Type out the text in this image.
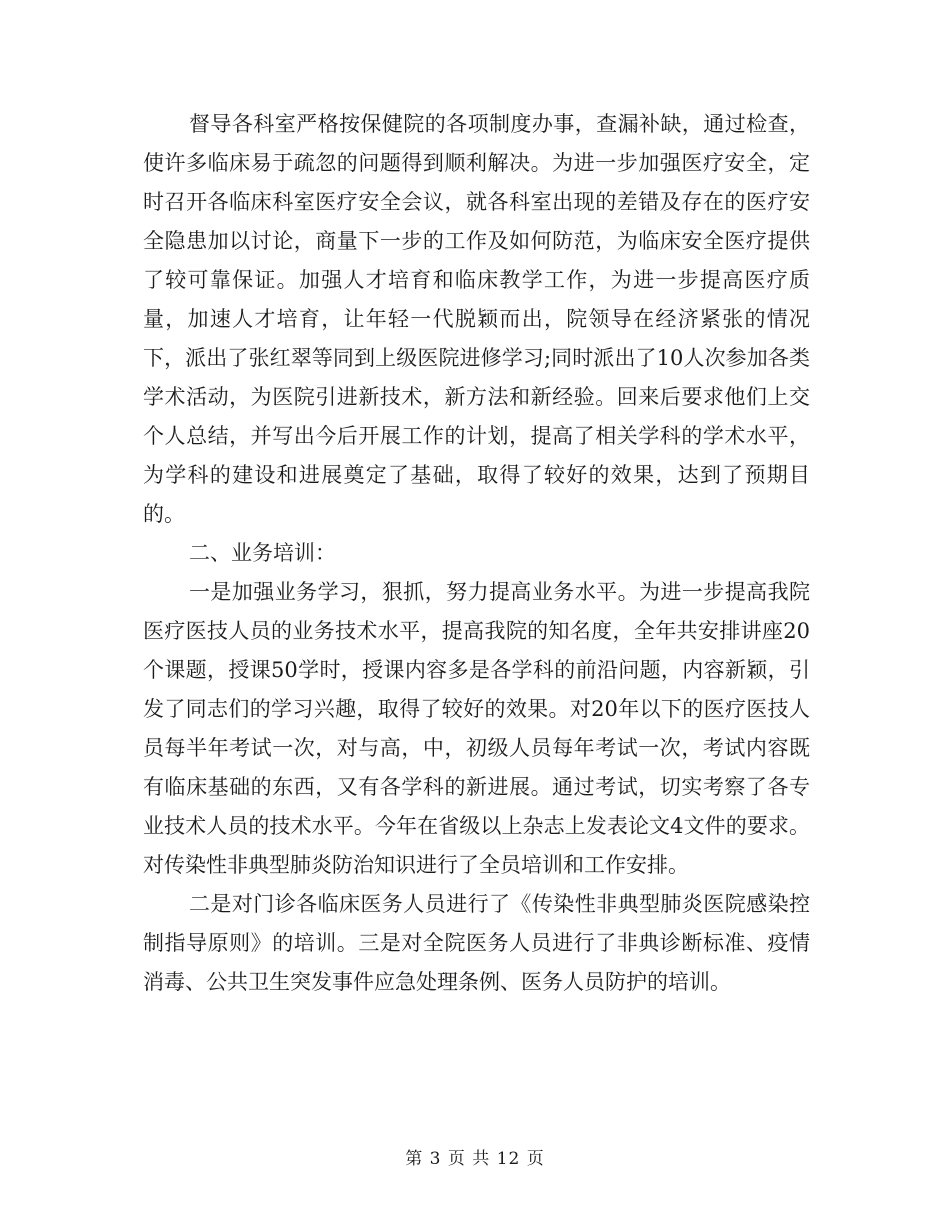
督导各科室严格按保健院的各项制度办事，查漏补缺，通过检查，使许多临床易于疏忽的问题得到顺利解决。为进一步加强医疗安全，定时召开各临床科室医疗安全会议，就各科室出现的差错及存在的医疗安全隐患加以讨论，商量下一步的工作及如何防范，为临床安全医疗提供了较可靠保证。加强人才培育和临床教学工作，为进一步提高医疗质量，加速人才培育，让年轻一代脱颖而出，院领导在经济紧张的情况下，派出了张红翠等同到上级医院进修学习;同时派出了10人次参加各类学术活动，为医院引进新技术，新方法和新经验。回来后要求他们上交个人总结，并写出今后开展工作的计划，提高了相关学科的学术水平，为学科的建设和进展奠定了基础，取得了较好的效果，达到了预期目的。

二、业务培训：

一是加强业务学习，狠抓，努力提高业务水平。为进一步提高我院医疗医技人员的业务技术水平，提高我院的知名度，全年共安排讲座20个课题，授课50学时，授课内容多是各学科的前沿问题，内容新颖，引发了同志们的学习兴趣，取得了较好的效果。对20年以下的医疗医技人员每半年考试一次，对与高，中，初级人员每年考试一次，考试内容既有临床基础的东西，又有各学科的新进展。通过考试，切实考察了各专业技术人员的技术水平。今年在省级以上杂志上发表论文4文件的要求。对传染性非典型肺炎防治知识进行了全员培训和工作安排。

二是对门诊各临床医务人员进行了《传染性非典型肺炎医院感染控制指导原则》的培训。三是对全院医务人员进行了非典诊断标准、疫情消毒、公共卫生突发事件应急处理条例、医务人员防护的培训。

第 3 页 共 12 页
